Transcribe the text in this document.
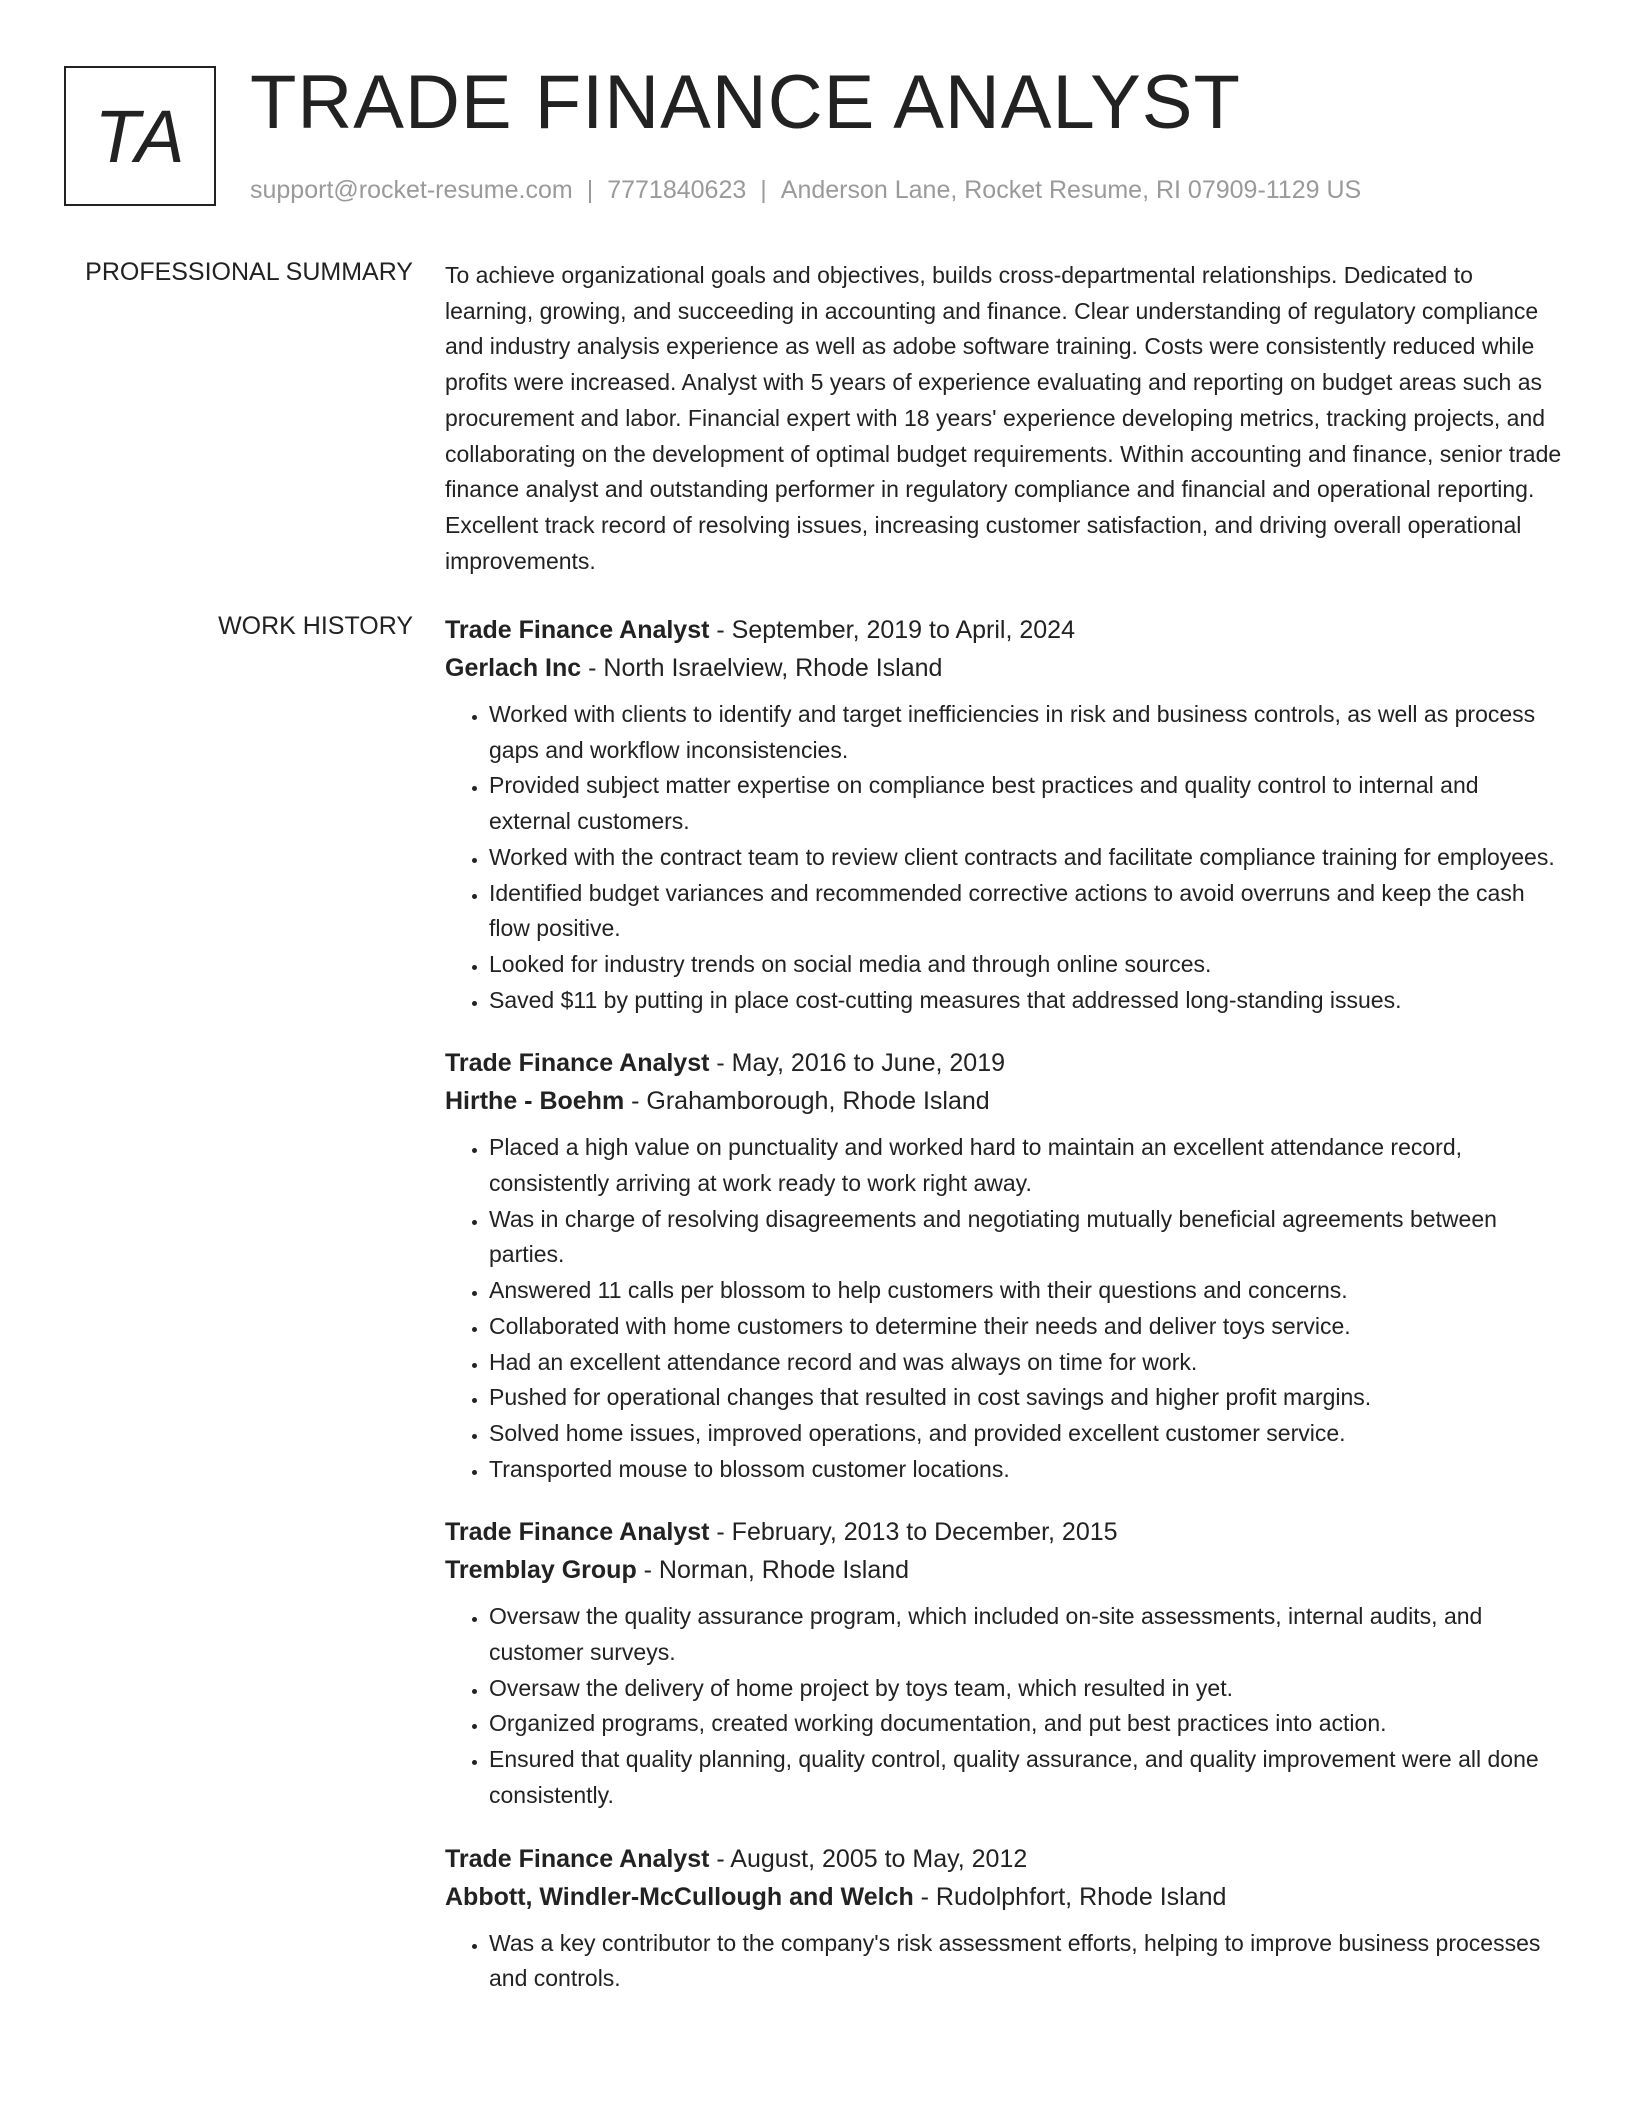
TA TRADE FINANCE ANALYST
support@rocket-resume.com | 7771840623 | Anderson Lane, Rocket Resume, RI 07909-1129 US
PROFESSIONAL SUMMARY To achieve organizational goals and objectives, builds cross-departmental relationships. Dedicated to learning, growing, and succeeding in accounting and finance. Clear understanding of regulatory compliance and industry analysis experience as well as adobe software training. Costs were consistently reduced while profits were increased. Analyst with 5 years of experience evaluating and reporting on budget areas such as procurement and labor. Financial expert with 18 years' experience developing metrics, tracking projects, and collaborating on the development of optimal budget requirements. Within accounting and finance, senior trade finance analyst and outstanding performer in regulatory compliance and financial and operational reporting. Excellent track record of resolving issues, increasing customer satisfaction, and driving overall operational improvements.
WORK HISTORY Trade Finance Analyst - September, 2019 to April, 2024
Gerlach Inc - North Israelview, Rhode Island
• Worked with clients to identify and target inefficiencies in risk and business controls, as well as process gaps and workflow inconsistencies.
• Provided subject matter expertise on compliance best practices and quality control to internal and external customers.
• Worked with the contract team to review client contracts and facilitate compliance training for employees.
• Identified budget variances and recommended corrective actions to avoid overruns and keep the cash flow positive.
• Looked for industry trends on social media and through online sources.
• Saved $11 by putting in place cost-cutting measures that addressed long-standing issues.
Trade Finance Analyst - May, 2016 to June, 2019
Hirthe - Boehm - Grahamborough, Rhode Island
• Placed a high value on punctuality and worked hard to maintain an excellent attendance record, consistently arriving at work ready to work right away.
• Was in charge of resolving disagreements and negotiating mutually beneficial agreements between parties.
• Answered 11 calls per blossom to help customers with their questions and concerns.
• Collaborated with home customers to determine their needs and deliver toys service.
• Had an excellent attendance record and was always on time for work.
• Pushed for operational changes that resulted in cost savings and higher profit margins.
• Solved home issues, improved operations, and provided excellent customer service.
• Transported mouse to blossom customer locations.
Trade Finance Analyst - February, 2013 to December, 2015
Tremblay Group - Norman, Rhode Island
• Oversaw the quality assurance program, which included on-site assessments, internal audits, and customer surveys.
• Oversaw the delivery of home project by toys team, which resulted in yet.
• Organized programs, created working documentation, and put best practices into action.
• Ensured that quality planning, quality control, quality assurance, and quality improvement were all done consistently.
Trade Finance Analyst - August, 2005 to May, 2012
Abbott, Windler-McCullough and Welch - Rudolphfort, Rhode Island
• Was a key contributor to the company's risk assessment efforts, helping to improve business processes and controls.
